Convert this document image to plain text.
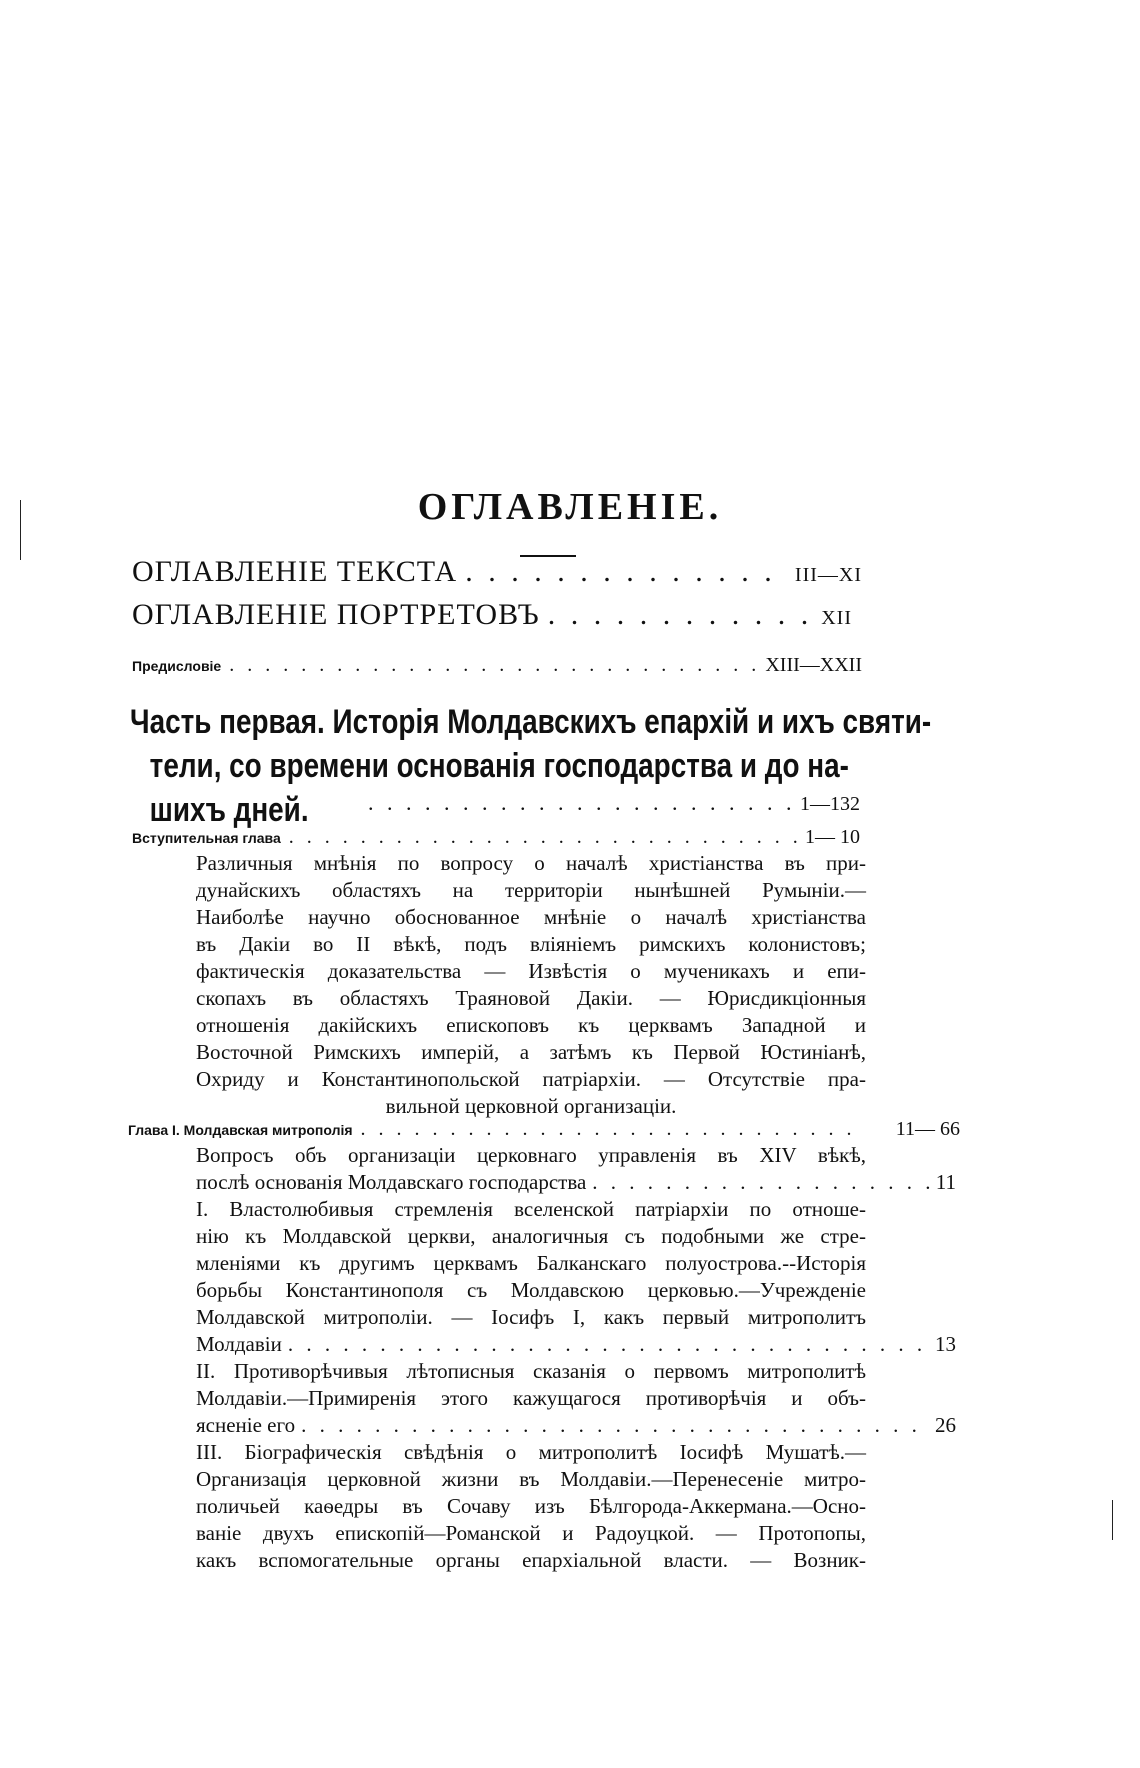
ОГЛАВЛЕНІЕ.
ОГЛАВЛЕНІЕ ТЕКСТА . . .	III—XI
ОГЛАВЛЕНІЕ ПОРТРЕТОВЪ . . .	XII
Предисловіе . . .	XIII—XXII
Часть первая. Исторія Молдавскихъ епархій и ихъ святи-
тели, со времени основанія господарства и до на-
шихъ дней. . . .	1—132
Вступительная глава . . .	1— 10
Различныя мнѣнія по вопросу о началѣ христіанства въ при-
дунайскихъ областяхъ на территоріи нынѣшней Румыніи.—
Наиболѣе научно обоснованное мнѣніе о началѣ христіанства
въ Дакіи во II вѣкѣ, подъ вліяніемъ римскихъ колонистовъ;
фактическія доказательства — Извѣстія о мученикахъ и епи-
скопахъ въ областяхъ Траяновой Дакіи. — Юрисдикціонныя
отношенія дакійскихъ епископовъ къ церквамъ Западной и
Восточной Римскихъ имперій, а затѣмъ къ Первой Юстиніанѣ,
Охриду и Константинопольской патріархіи. — Отсутствіе пра-
вильной церковной организаціи.
Глава I. Молдавская митрополія . . .	11— 66
Вопросъ объ организаціи церковнаго управленія въ XIV вѣкѣ,
послѣ основанія Молдавскаго господарства . . .	11
I. Властолюбивыя стремленія вселенской патріархіи по отноше-
нію къ Молдавской церкви, аналогичныя съ подобными же стре-
мленіями къ другимъ церквамъ Балканскаго полуострова.--Исторія
борьбы Константинополя съ Молдавскою церковью.—Учрежденіе
Молдавской митрополіи. — Іосифъ I, какъ первый митрополитъ
Молдавіи . . .	13
II. Противорѣчивыя лѣтописныя сказанія о первомъ митрополитѣ
Молдавіи.—Примиренія этого кажущагося противорѣчія и объ-
ясненіе его . . .	26
III. Біографическія свѣдѣнія о митрополитѣ Іосифѣ Мушатѣ.—
Организація церковной жизни въ Молдавіи.—Перенесеніе митро-
поличьей каѳедры въ Сочаву изъ Бѣлгорода-Аккермана.—Осно-
ваніе двухъ епископій—Романской и Радоуцкой. — Протопопы,
какъ вспомогательные органы епархіальной власти. — Возник-
